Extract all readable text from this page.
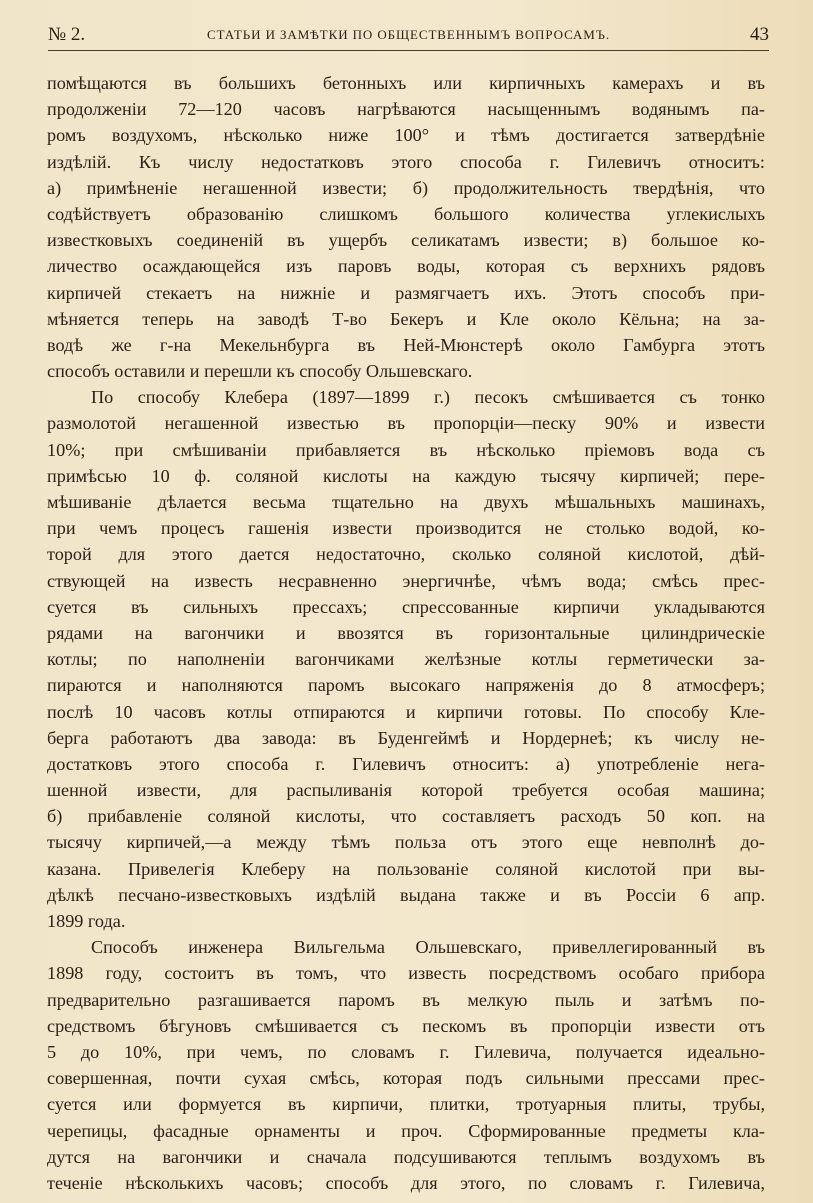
№ 2.	СТАТЬИ И ЗАМѢТКИ ПО ОБЩЕСТВЕННЫМЪ ВОПРОСАМЪ.	43
помѣщаются въ большихъ бетонныхъ или кирпичныхъ камерахъ и въ
продолженіи 72—120 часовъ нагрѣваются насыщеннымъ водянымъ па-
ромъ воздухомъ, нѣсколько ниже 100° и тѣмъ достигается затвердѣніе
издѣлій. Къ числу недостатковъ этого способа г. Гилевичъ относитъ:
а) примѣненіе негашенной извести; б) продолжительность твердѣнія, что
содѣйствуетъ образованію слишкомъ большого количества углекислыхъ
известковыхъ соединеній въ ущербъ селикатамъ извести; в) большое ко-
личество осаждающейся изъ паровъ воды, которая съ верхнихъ рядовъ
кирпичей стекаетъ на нижніе и размягчаетъ ихъ. Этотъ способъ при-
мѣняется теперь на заводѣ Т-во Бекеръ и Кле около Кёльна; на за-
водѣ же г-на Мекельнбурга въ Ней-Мюнстерѣ около Гамбурга этотъ
способъ оставили и перешли къ способу Ольшевскаго.
По способу Клебера (1897—1899 г.) песокъ смѣшивается съ тонко
размолотой негашенной известью въ пропорціи—песку 90% и извести
10%; при смѣшиваніи прибавляется въ нѣсколько пріемовъ вода съ
примѣсью 10 ф. соляной кислоты на каждую тысячу кирпичей; пере-
мѣшиваніе дѣлается весьма тщательно на двухъ мѣшальныхъ машинахъ,
при чемъ процесъ гашенія извести производится не столько водой, ко-
торой для этого дается недостаточно, сколько соляной кислотой, дѣй-
ствующей на известь несравненно энергичнѣе, чѣмъ вода; смѣсь прес-
суется въ сильныхъ прессахъ; спрессованные кирпичи укладываются
рядами на вагончики и ввозятся въ горизонтальные цилиндрическіе
котлы; по наполненіи вагончиками желѣзные котлы герметически за-
пираются и наполняются паромъ высокаго напряженія до 8 атмосферъ;
послѣ 10 часовъ котлы отпираются и кирпичи готовы. По способу Кле-
берга работаютъ два завода: въ Буденгеймѣ и Нордернеѣ; къ числу не-
достатковъ этого способа г. Гилевичъ относитъ: а) употребленіе нега-
шенной извести, для распыливанія которой требуется особая машина;
б) прибавленіе соляной кислоты, что составляетъ расходъ 50 коп. на
тысячу кирпичей,—а между тѣмъ польза отъ этого еще невполнѣ до-
казана. Привелегія Клеберу на пользованіе соляной кислотой при вы-
дѣлкѣ песчано-известковыхъ издѣлій выдана также и въ Россіи 6 апр.
1899 года.
Способъ инженера Вильгельма Ольшевскаго, привеллегированный въ
1898 году, состоитъ въ томъ, что известь посредствомъ особаго прибора
предварительно разгашивается паромъ въ мелкую пыль и затѣмъ по-
средствомъ бѣгуновъ смѣшивается съ пескомъ въ пропорціи извести отъ
5 до 10%, при чемъ, по словамъ г. Гилевича, получается идеально-
совершенная, почти сухая смѣсь, которая подъ сильными прессами прес-
суется или формуется въ кирпичи, плитки, тротуарныя плиты, трубы,
черепицы, фасадные орнаменты и проч. Сформированные предметы кла-
дутся на вагончики и сначала подсушиваются теплымъ воздухомъ въ
теченіе нѣсколькихъ часовъ; способъ для этого, по словамъ г. Гилевича,
